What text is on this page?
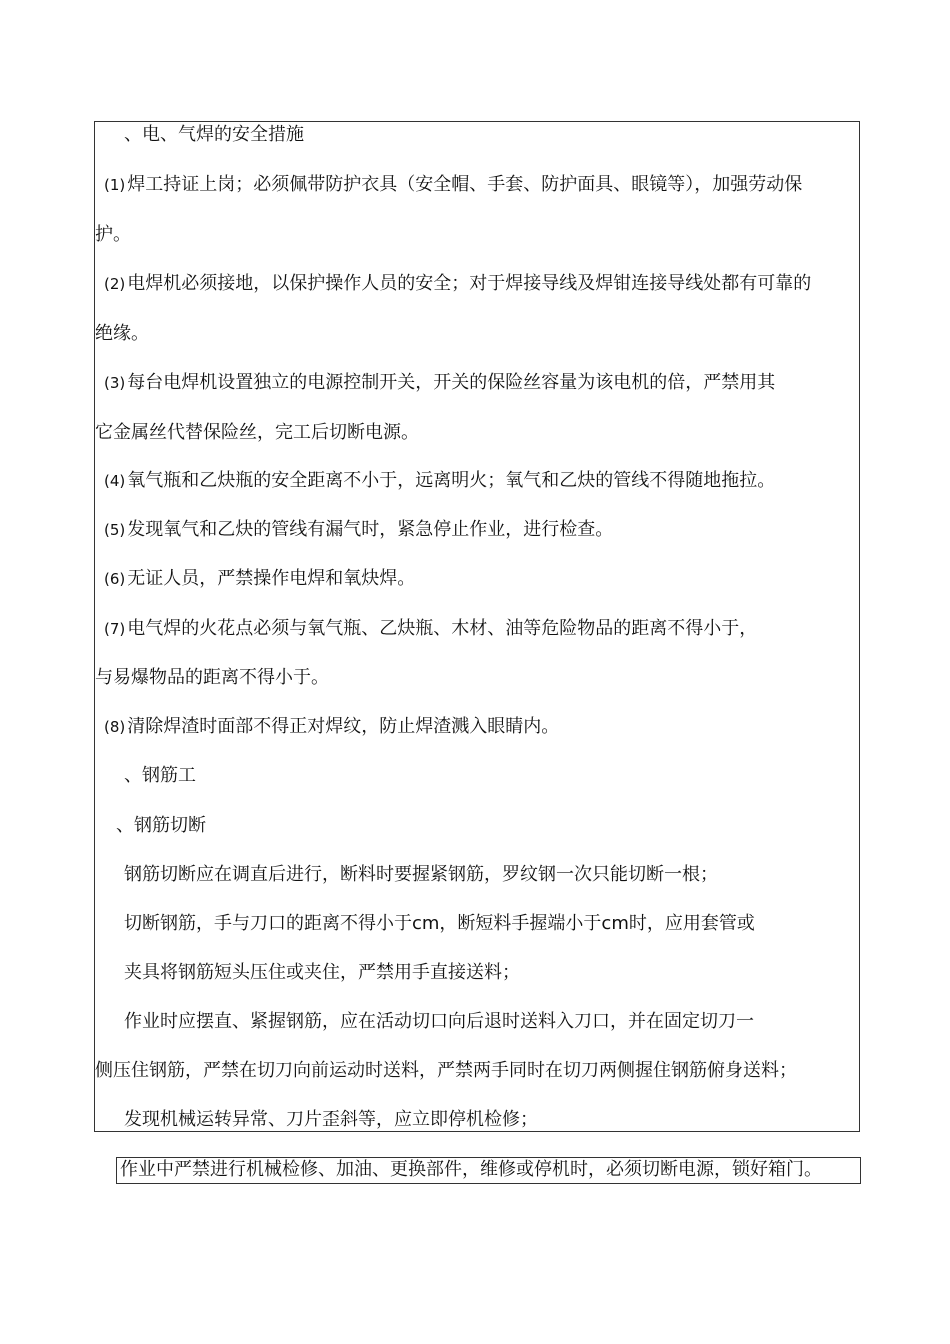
、电、气焊的安全措施
(1) 焊工持证上岗；必须佩带防护衣具（安全帽、手套、防护面具、眼镜等），加强劳动保
护。
(2) 电焊机必须接地，以保护操作人员的安全；对于焊接导线及焊钳连接导线处都有可靠的
绝缘。
(3) 每台电焊机设置独立的电源控制开关，开关的保险丝容量为该电机的倍，严禁用其
它金属丝代替保险丝，完工后切断电源。
(4) 氧气瓶和乙炔瓶的安全距离不小于，远离明火；氧气和乙炔的管线不得随地拖拉。
(5) 发现氧气和乙炔的管线有漏气时，紧急停止作业，进行检查。
(6) 无证人员，严禁操作电焊和氧炔焊。
(7) 电气焊的火花点必须与氧气瓶、乙炔瓶、木材、油等危险物品的距离不得小于，
与易爆物品的距离不得小于。
(8) 清除焊渣时面部不得正对焊纹，防止焊渣溅入眼睛内。
、钢筋工
、钢筋切断
钢筋切断应在调直后进行，断料时要握紧钢筋，罗纹钢一次只能切断一根；
切断钢筋，手与刀口的距离不得小于cm，断短料手握端小于cm时，应用套管或
夹具将钢筋短头压住或夹住，严禁用手直接送料；
作业时应摆直、紧握钢筋，应在活动切口向后退时送料入刀口，并在固定切刀一
侧压住钢筋，严禁在切刀向前运动时送料，严禁两手同时在切刀两侧握住钢筋俯身送料；
发现机械运转异常、刀片歪斜等，应立即停机检修；
作业中严禁进行机械检修、加油、更换部件，维修或停机时，必须切断电源，锁好箱门。
